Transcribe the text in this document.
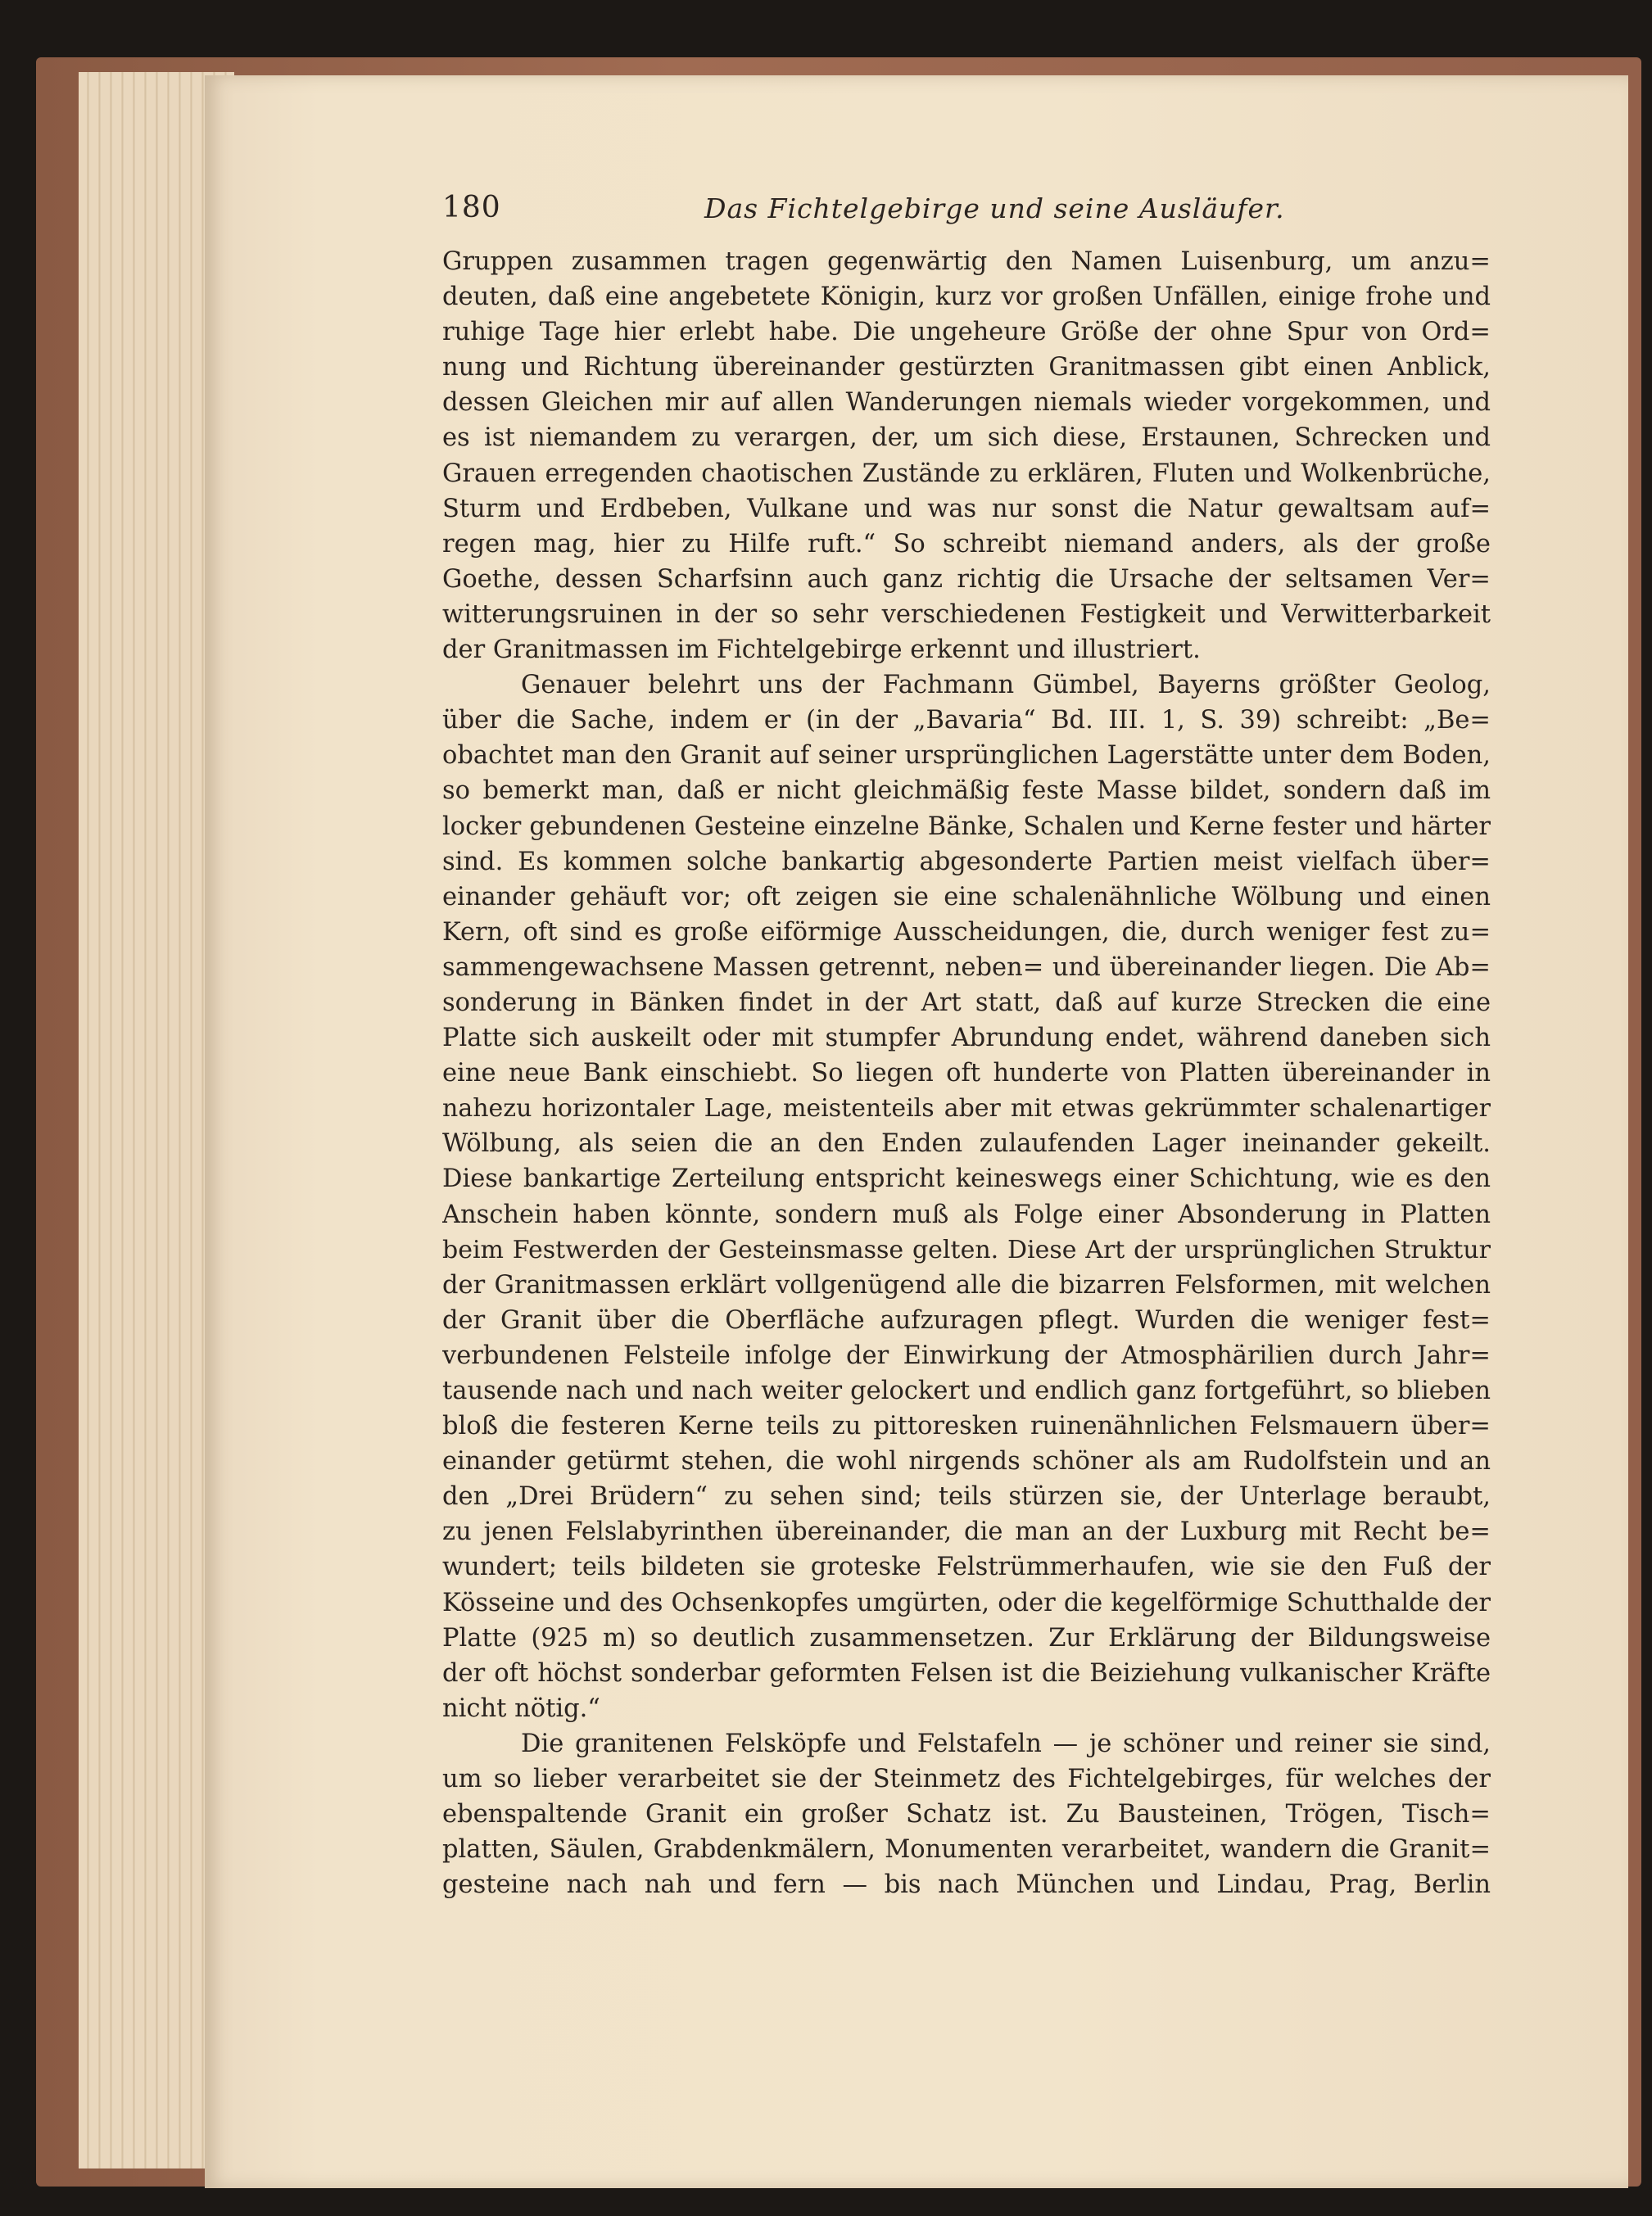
180	Das Fichtelgebirge und seine Ausläufer.
Gruppen zusammen tragen gegenwärtig den Namen Luisenburg, um anzu=
deuten, daß eine angebetete Königin, kurz vor großen Unfällen, einige frohe und
ruhige Tage hier erlebt habe. Die ungeheure Größe der ohne Spur von Ord=
nung und Richtung übereinander gestürzten Granitmassen gibt einen Anblick,
dessen Gleichen mir auf allen Wanderungen niemals wieder vorgekommen, und
es ist niemandem zu verargen, der, um sich diese, Erstaunen, Schrecken und
Grauen erregenden chaotischen Zustände zu erklären, Fluten und Wolkenbrüche,
Sturm und Erdbeben, Vulkane und was nur sonst die Natur gewaltsam auf=
regen mag, hier zu Hilfe ruft.“ So schreibt niemand anders, als der große
Goethe, dessen Scharfsinn auch ganz richtig die Ursache der seltsamen Ver=
witterungsruinen in der so sehr verschiedenen Festigkeit und Verwitterbarkeit
der Granitmassen im Fichtelgebirge erkennt und illustriert.
Genauer belehrt uns der Fachmann Gümbel, Bayerns größter Geolog,
über die Sache, indem er (in der „Bavaria“ Bd. III. 1, S. 39) schreibt: „Be=
obachtet man den Granit auf seiner ursprünglichen Lagerstätte unter dem Boden,
so bemerkt man, daß er nicht gleichmäßig feste Masse bildet, sondern daß im
locker gebundenen Gesteine einzelne Bänke, Schalen und Kerne fester und härter
sind. Es kommen solche bankartig abgesonderte Partien meist vielfach über=
einander gehäuft vor; oft zeigen sie eine schalenähnliche Wölbung und einen
Kern, oft sind es große eiförmige Ausscheidungen, die, durch weniger fest zu=
sammengewachsene Massen getrennt, neben= und übereinander liegen. Die Ab=
sonderung in Bänken findet in der Art statt, daß auf kurze Strecken die eine
Platte sich auskeilt oder mit stumpfer Abrundung endet, während daneben sich
eine neue Bank einschiebt. So liegen oft hunderte von Platten übereinander in
nahezu horizontaler Lage, meistenteils aber mit etwas gekrümmter schalenartiger
Wölbung, als seien die an den Enden zulaufenden Lager ineinander gekeilt.
Diese bankartige Zerteilung entspricht keineswegs einer Schichtung, wie es den
Anschein haben könnte, sondern muß als Folge einer Absonderung in Platten
beim Festwerden der Gesteinsmasse gelten. Diese Art der ursprünglichen Struktur
der Granitmassen erklärt vollgenügend alle die bizarren Felsformen, mit welchen
der Granit über die Oberfläche aufzuragen pflegt. Wurden die weniger fest=
verbundenen Felsteile infolge der Einwirkung der Atmosphärilien durch Jahr=
tausende nach und nach weiter gelockert und endlich ganz fortgeführt, so blieben
bloß die festeren Kerne teils zu pittoresken ruinenähnlichen Felsmauern über=
einander getürmt stehen, die wohl nirgends schöner als am Rudolfstein und an
den „Drei Brüdern“ zu sehen sind; teils stürzen sie, der Unterlage beraubt,
zu jenen Felslabyrinthen übereinander, die man an der Luxburg mit Recht be=
wundert; teils bildeten sie groteske Felstrümmerhaufen, wie sie den Fuß der
Kösseine und des Ochsenkopfes umgürten, oder die kegelförmige Schutthalde der
Platte (925 m) so deutlich zusammensetzen. Zur Erklärung der Bildungsweise
der oft höchst sonderbar geformten Felsen ist die Beiziehung vulkanischer Kräfte
nicht nötig.“
Die granitenen Felsköpfe und Felstafeln — je schöner und reiner sie sind,
um so lieber verarbeitet sie der Steinmetz des Fichtelgebirges, für welches der
ebenspaltende Granit ein großer Schatz ist. Zu Bausteinen, Trögen, Tisch=
platten, Säulen, Grabdenkmälern, Monumenten verarbeitet, wandern die Granit=
gesteine nach nah und fern — bis nach München und Lindau, Prag, Berlin
